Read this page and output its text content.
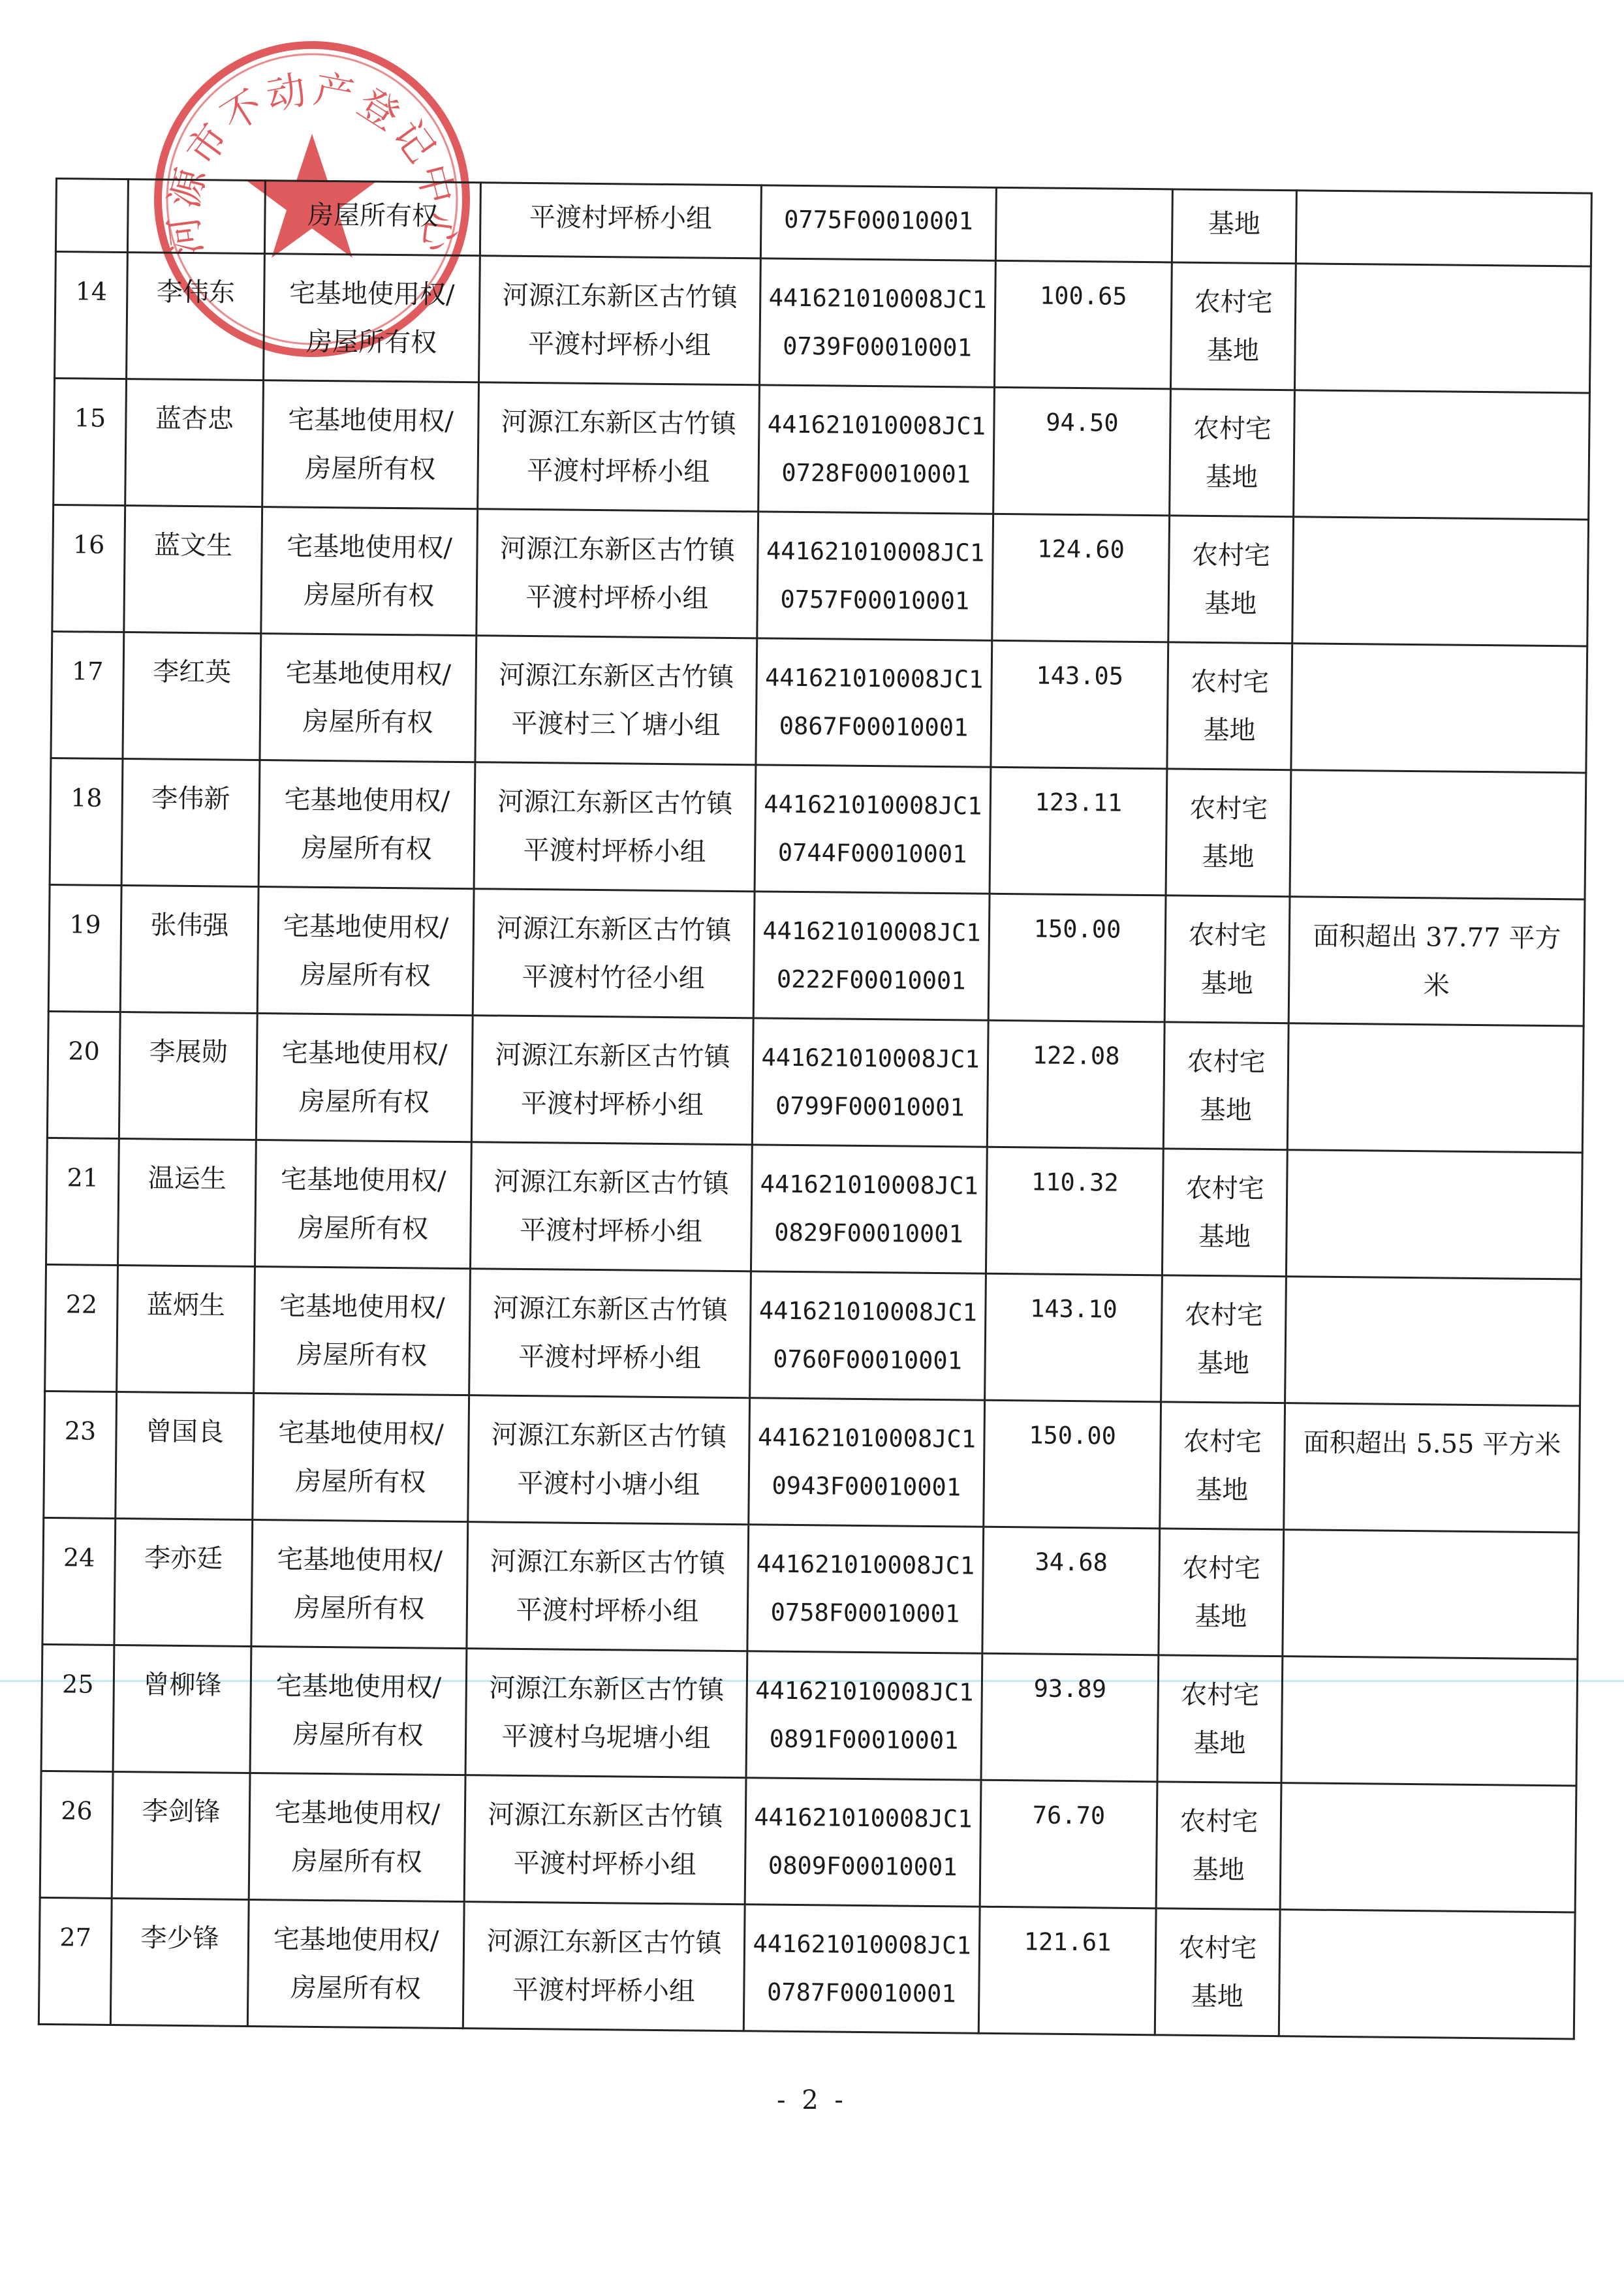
河源市不动产登记中心
		房屋所有权	平渡村坪桥小组	0775F00010001		基地	
14	李伟东	宅基地使用权/
房屋所有权	河源江东新区古竹镇
平渡村坪桥小组	441621010008JC1
0739F00010001	100.65	农村宅
基地	

15	蓝杏忠	宅基地使用权/
房屋所有权	河源江东新区古竹镇
平渡村坪桥小组	441621010008JC1
0728F00010001	94.50	农村宅
基地	

16	蓝文生	宅基地使用权/
房屋所有权	河源江东新区古竹镇
平渡村坪桥小组	441621010008JC1
0757F00010001	124.60	农村宅
基地	

17	李红英	宅基地使用权/
房屋所有权	河源江东新区古竹镇
平渡村三丫塘小组	441621010008JC1
0867F00010001	143.05	农村宅
基地	

18	李伟新	宅基地使用权/
房屋所有权	河源江东新区古竹镇
平渡村坪桥小组	441621010008JC1
0744F00010001	123.11	农村宅
基地	

19	张伟强	宅基地使用权/
房屋所有权	河源江东新区古竹镇
平渡村竹径小组	441621010008JC1
0222F00010001	150.00	农村宅
基地	面积超出 37.77 平方米
20	李展勋	宅基地使用权/
房屋所有权	河源江东新区古竹镇
平渡村坪桥小组	441621010008JC1
0799F00010001	122.08	农村宅
基地	

21	温运生	宅基地使用权/
房屋所有权	河源江东新区古竹镇
平渡村坪桥小组	441621010008JC1
0829F00010001	110.32	农村宅
基地	

22	蓝炳生	宅基地使用权/
房屋所有权	河源江东新区古竹镇
平渡村坪桥小组	441621010008JC1
0760F00010001	143.10	农村宅
基地	

23	曾国良	宅基地使用权/
房屋所有权	河源江东新区古竹镇
平渡村小塘小组	441621010008JC1
0943F00010001	150.00	农村宅
基地	面积超出 5.55 平方米
24	李亦廷	宅基地使用权/
房屋所有权	河源江东新区古竹镇
平渡村坪桥小组	441621010008JC1
0758F00010001	34.68	农村宅
基地	

25	曾柳锋	宅基地使用权/
房屋所有权	河源江东新区古竹镇
平渡村乌坭塘小组	441621010008JC1
0891F00010001	93.89	农村宅
基地	

26	李剑锋	宅基地使用权/
房屋所有权	河源江东新区古竹镇
平渡村坪桥小组	441621010008JC1
0809F00010001	76.70	农村宅
基地	

27	李少锋	宅基地使用权/
房屋所有权	河源江东新区古竹镇
平渡村坪桥小组	441621010008JC1
0787F00010001	121.61	农村宅
基地	

- 2 -
